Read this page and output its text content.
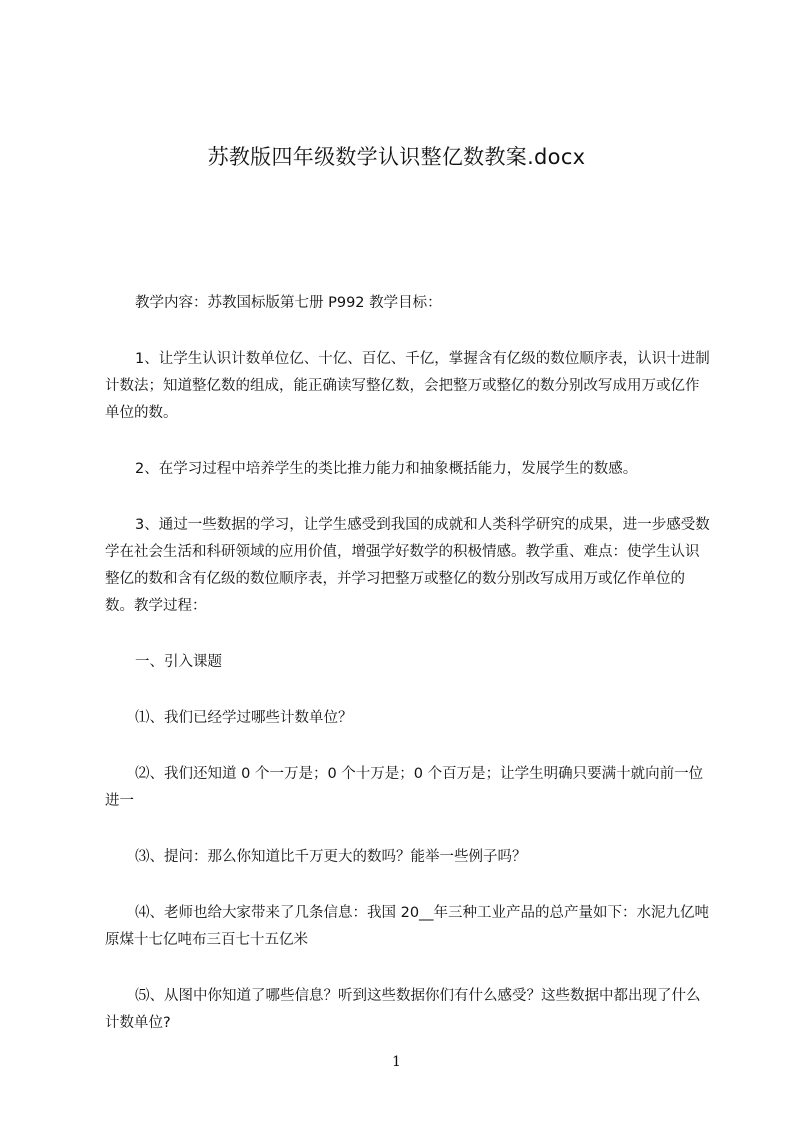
苏教版四年级数学认识整亿数教案.docx

教学内容：苏教国标版第七册 P992 教学目标：

1、让学生认识计数单位亿、十亿、百亿、千亿，掌握含有亿级的数位顺序表，认识十进制计数法；知道整亿数的组成，能正确读写整亿数，会把整万或整亿的数分别改写成用万或亿作单位的数。

2、在学习过程中培养学生的类比推力能力和抽象概括能力，发展学生的数感。

3、通过一些数据的学习，让学生感受到我国的成就和人类科学研究的成果，进一步感受数学在社会生活和科研领域的应用价值，增强学好数学的积极情感。教学重、难点：使学生认识整亿的数和含有亿级的数位顺序表，并学习把整万或整亿的数分别改写成用万或亿作单位的数。教学过程：

一、引入课题

⑴、我们已经学过哪些计数单位？

⑵、我们还知道 0 个一万是；0 个十万是；0 个百万是；让学生明确只要满十就向前一位进一

⑶、提问：那么你知道比千万更大的数吗？能举一些例子吗？

⑷、老师也给大家带来了几条信息：我国 20__年三种工业产品的总产量如下：水泥九亿吨原煤十七亿吨布三百七十五亿米

⑸、从图中你知道了哪些信息？听到这些数据你们有什么感受？这些数据中都出现了什么计数单位?

1
